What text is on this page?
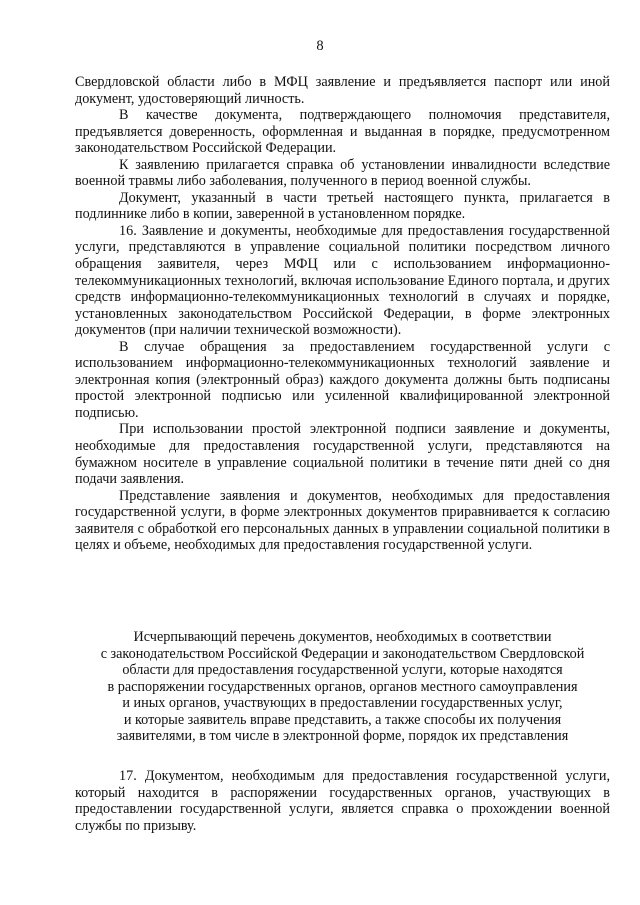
8

Свердловской области либо в МФЦ заявление и предъявляется паспорт или иной документ, удостоверяющий личность.

В качестве документа, подтверждающего полномочия представителя, предъявляется доверенность, оформленная и выданная в порядке, предусмотренном законодательством Российской Федерации.

К заявлению прилагается справка об установлении инвалидности вследствие военной травмы либо заболевания, полученного в период военной службы.

Документ, указанный в части третьей настоящего пункта, прилагается в подлиннике либо в копии, заверенной в установленном порядке.

16. Заявление и документы, необходимые для предоставления государственной услуги, представляются в управление социальной политики посредством личного обращения заявителя, через МФЦ или с использованием информационно-телекоммуникационных технологий, включая использование Единого портала, и других средств информационно-телекоммуникационных технологий в случаях и порядке, установленных законодательством Российской Федерации, в форме электронных документов (при наличии технической возможности).

В случае обращения за предоставлением государственной услуги с использованием информационно-телекоммуникационных технологий заявление и электронная копия (электронный образ) каждого документа должны быть подписаны простой электронной подписью или усиленной квалифицированной электронной подписью.

При использовании простой электронной подписи заявление и документы, необходимые для предоставления государственной услуги, представляются на бумажном носителе в управление социальной политики в течение пяти дней со дня подачи заявления.

Представление заявления и документов, необходимых для предоставления государственной услуги, в форме электронных документов приравнивается к согласию заявителя с обработкой его персональных данных в управлении социальной политики в целях и объеме, необходимых для предоставления государственной услуги.

Исчерпывающий перечень документов, необходимых в соответствии
с законодательством Российской Федерации и законодательством Свердловской
области для предоставления государственной услуги, которые находятся
в распоряжении государственных органов, органов местного самоуправления
и иных органов, участвующих в предоставлении государственных услуг,
и которые заявитель вправе представить, а также способы их получения
заявителями, в том числе в электронной форме, порядок их представления

17. Документом, необходимым для предоставления государственной услуги, который находится в распоряжении государственных органов, участвующих в предоставлении государственной услуги, является справка о прохождении военной службы по призыву.
